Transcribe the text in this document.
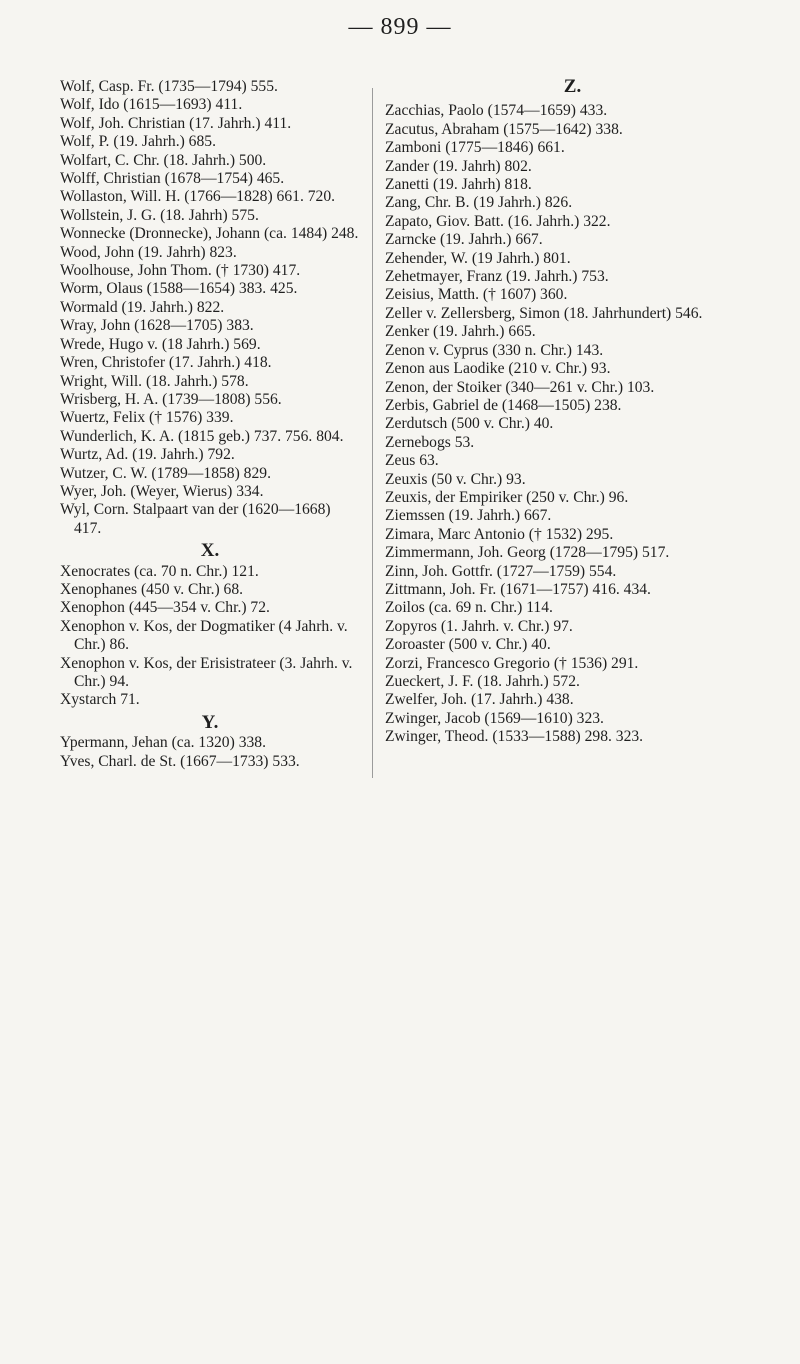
— 899 —

Wolf, Casp. Fr. (1735—1794) 555.

Wolf, Ido (1615—1693) 411.

Wolf, Joh. Christian (17. Jahrh.) 411.

Wolf, P. (19. Jahrh.) 685.

Wolfart, C. Chr. (18. Jahrh.) 500.

Wolff, Christian (1678—1754) 465.

Wollaston, Will. H. (1766—1828) 661. 720.

Wollstein, J. G. (18. Jahrh) 575.

Wonnecke (Dronnecke), Johann (ca. 1484) 248.

Wood, John (19. Jahrh) 823.

Woolhouse, John Thom. († 1730) 417.

Worm, Olaus (1588—1654) 383. 425.

Wormald (19. Jahrh.) 822.

Wray, John (1628—1705) 383.

Wrede, Hugo v. (18 Jahrh.) 569.

Wren, Christofer (17. Jahrh.) 418.

Wright, Will. (18. Jahrh.) 578.

Wrisberg, H. A. (1739—1808) 556.

Wuertz, Felix († 1576) 339.

Wunderlich, K. A. (1815 geb.) 737. 756. 804.

Wurtz, Ad. (19. Jahrh.) 792.

Wutzer, C. W. (1789—1858) 829.

Wyer, Joh. (Weyer, Wierus) 334.

Wyl, Corn. Stalpaart van der (1620—1668) 417.

X.

Xenocrates (ca. 70 n. Chr.) 121.

Xenophanes (450 v. Chr.) 68.

Xenophon (445—354 v. Chr.) 72.

Xenophon v. Kos, der Dogmatiker (4 Jahrh. v. Chr.) 86.

Xenophon v. Kos, der Erisistrateer (3. Jahrh. v. Chr.) 94.

Xystarch 71.

Y.

Ypermann, Jehan (ca. 1320) 338.

Yves, Charl. de St. (1667—1733) 533.

Z.

Zacchias, Paolo (1574—1659) 433.

Zacutus, Abraham (1575—1642) 338.

Zamboni (1775—1846) 661.

Zander (19. Jahrh) 802.

Zanetti (19. Jahrh) 818.

Zang, Chr. B. (19 Jahrh.) 826.

Zapato, Giov. Batt. (16. Jahrh.) 322.

Zarncke (19. Jahrh.) 667.

Zehender, W. (19 Jahrh.) 801.

Zehetmayer, Franz (19. Jahrh.) 753.

Zeisius, Matth. († 1607) 360.

Zeller v. Zellersberg, Simon (18. Jahrhundert) 546.

Zenker (19. Jahrh.) 665.

Zenon v. Cyprus (330 n. Chr.) 143.

Zenon aus Laodike (210 v. Chr.) 93.

Zenon, der Stoiker (340—261 v. Chr.) 103.

Zerbis, Gabriel de (1468—1505) 238.

Zerdutsch (500 v. Chr.) 40.

Zernebogs 53.

Zeus 63.

Zeuxis (50 v. Chr.) 93.

Zeuxis, der Empiriker (250 v. Chr.) 96.

Ziemssen (19. Jahrh.) 667.

Zimara, Marc Antonio († 1532) 295.

Zimmermann, Joh. Georg (1728—1795) 517.

Zinn, Joh. Gottfr. (1727—1759) 554.

Zittmann, Joh. Fr. (1671—1757) 416. 434.

Zoilos (ca. 69 n. Chr.) 114.

Zopyros (1. Jahrh. v. Chr.) 97.

Zoroaster (500 v. Chr.) 40.

Zorzi, Francesco Gregorio († 1536) 291.

Zueckert, J. F. (18. Jahrh.) 572.

Zwelfer, Joh. (17. Jahrh.) 438.

Zwinger, Jacob (1569—1610) 323.

Zwinger, Theod. (1533—1588) 298. 323.
